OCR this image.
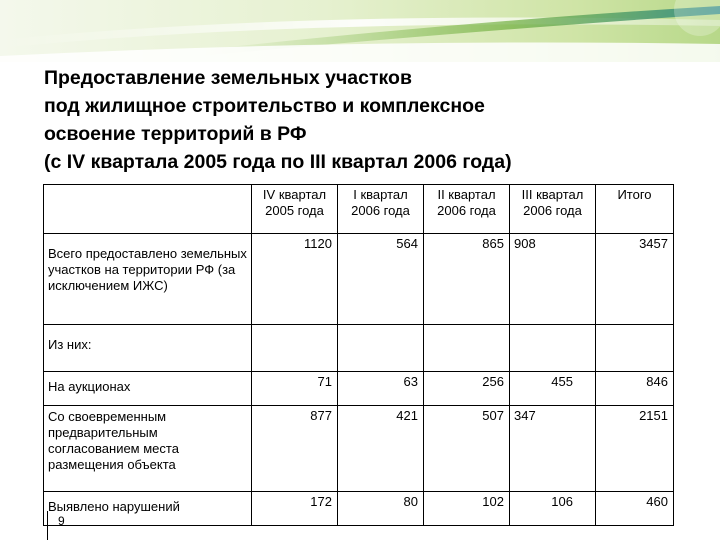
Предоставление земельных участков
под жилищное строительство и комплексное
освоение территорий в РФ
(с IV квартала 2005 года по III квартал 2006 года)
	IV квартал 2005 года	I квартал 2006 года	II квартал 2006 года	III квартал 2006 года	Итого
Всего предоставлено земельных участков на территории РФ (за исключением ИЖС)	1120	564	865	908	3457
Из них:					
На аукционах	71	63	256	455	846
Со своевременным предварительным согласованием места размещения объекта	877	421	507	347	2151
Выявлено нарушений	172	80	102	106	460
9
